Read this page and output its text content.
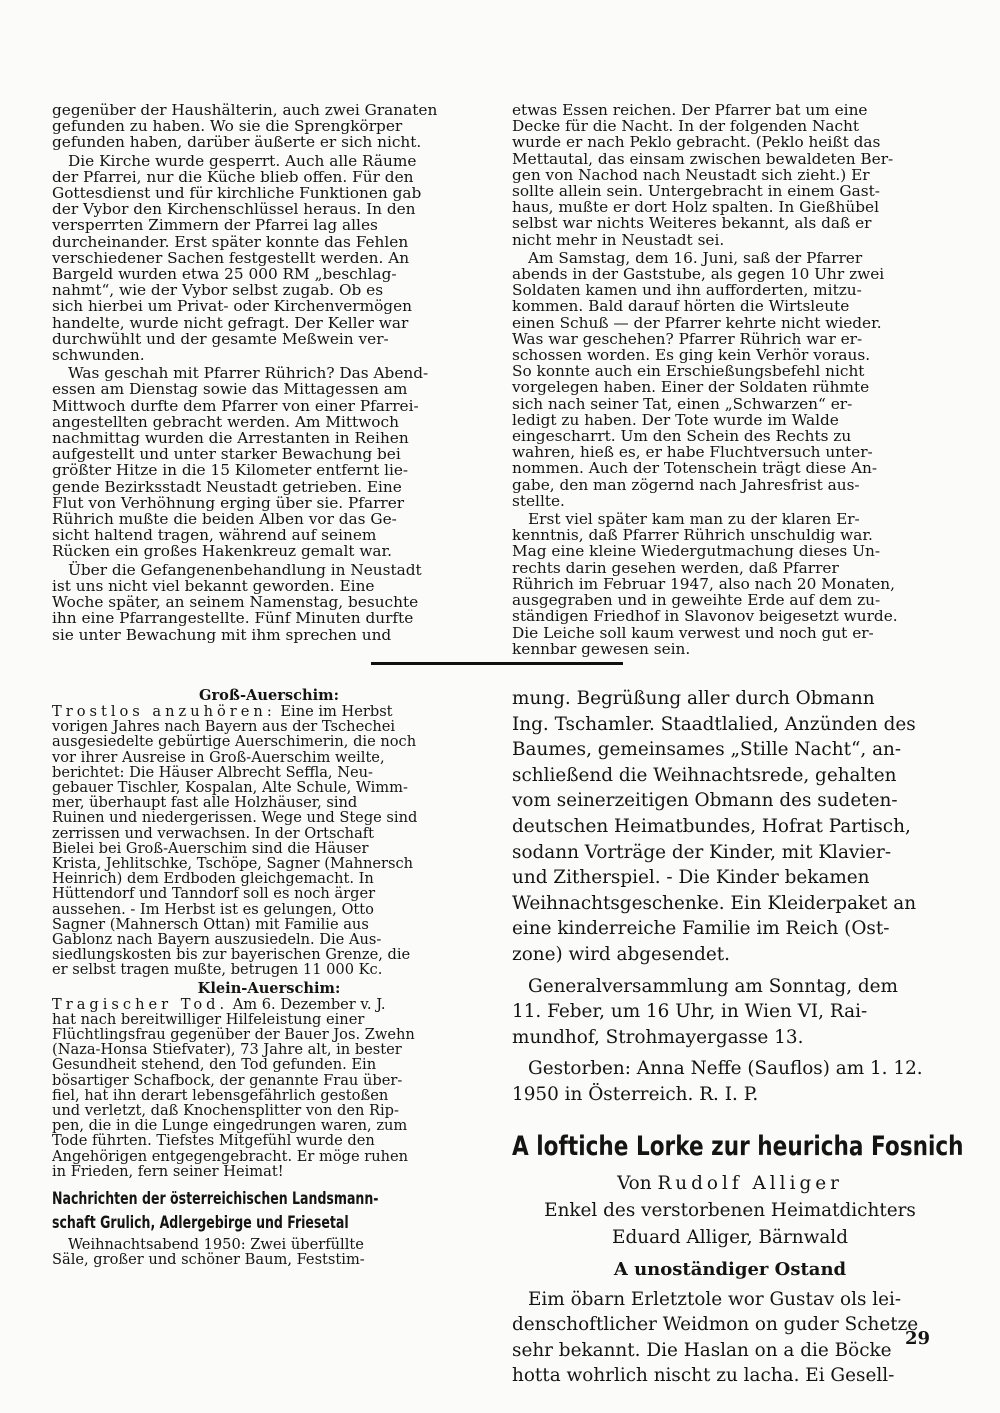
gegenüber der Haushälterin, auch zwei Granaten
gefunden zu haben. Wo sie die Sprengkörper
gefunden haben, darüber äußerte er sich nicht.

Die Kirche wurde gesperrt. Auch alle Räume
der Pfarrei, nur die Küche blieb offen. Für den
Gottesdienst und für kirchliche Funktionen gab
der Vybor den Kirchenschlüssel heraus. In den
versperrten Zimmern der Pfarrei lag alles
durcheinander. Erst später konnte das Fehlen
verschiedener Sachen festgestellt werden. An
Bargeld wurden etwa 25 000 RM „beschlag-
nahmt“, wie der Vybor selbst zugab. Ob es
sich hierbei um Privat- oder Kirchenvermögen
handelte, wurde nicht gefragt. Der Keller war
durchwühlt und der gesamte Meßwein ver-
schwunden.

Was geschah mit Pfarrer Rührich? Das Abend-
essen am Dienstag sowie das Mittagessen am
Mittwoch durfte dem Pfarrer von einer Pfarrei-
angestellten gebracht werden. Am Mittwoch
nachmittag wurden die Arrestanten in Reihen
aufgestellt und unter starker Bewachung bei
größter Hitze in die 15 Kilometer entfernt lie-
gende Bezirksstadt Neustadt getrieben. Eine
Flut von Verhöhnung erging über sie. Pfarrer
Rührich mußte die beiden Alben vor das Ge-
sicht haltend tragen, während auf seinem
Rücken ein großes Hakenkreuz gemalt war.

Über die Gefangenenbehandlung in Neustadt
ist uns nicht viel bekannt geworden. Eine
Woche später, an seinem Namenstag, besuchte
ihn eine Pfarrangestellte. Fünf Minuten durfte
sie unter Bewachung mit ihm sprechen und

etwas Essen reichen. Der Pfarrer bat um eine
Decke für die Nacht. In der folgenden Nacht
wurde er nach Peklo gebracht. (Peklo heißt das
Mettautal, das einsam zwischen bewaldeten Ber-
gen von Nachod nach Neustadt sich zieht.) Er
sollte allein sein. Untergebracht in einem Gast-
haus, mußte er dort Holz spalten. In Gießhübel
selbst war nichts Weiteres bekannt, als daß er
nicht mehr in Neustadt sei.

Am Samstag, dem 16. Juni, saß der Pfarrer
abends in der Gaststube, als gegen 10 Uhr zwei
Soldaten kamen und ihn aufforderten, mitzu-
kommen. Bald darauf hörten die Wirtsleute
einen Schuß — der Pfarrer kehrte nicht wieder.
Was war geschehen? Pfarrer Rührich war er-
schossen worden. Es ging kein Verhör voraus.
So konnte auch ein Erschießungsbefehl nicht
vorgelegen haben. Einer der Soldaten rühmte
sich nach seiner Tat, einen „Schwarzen“ er-
ledigt zu haben. Der Tote wurde im Walde
eingescharrt. Um den Schein des Rechts zu
wahren, hieß es, er habe Fluchtversuch unter-
nommen. Auch der Totenschein trägt diese An-
gabe, den man zögernd nach Jahresfrist aus-
stellte.

Erst viel später kam man zu der klaren Er-
kenntnis, daß Pfarrer Rührich unschuldig war.
Mag eine kleine Wiedergutmachung dieses Un-
rechts darin gesehen werden, daß Pfarrer
Rührich im Februar 1947, also nach 20 Monaten,
ausgegraben und in geweihte Erde auf dem zu-
ständigen Friedhof in Slavonov beigesetzt wurde.
Die Leiche soll kaum verwest und noch gut er-
kennbar gewesen sein.

Groß-Auerschim:

Trostlos anzuhören: Eine im Herbst
vorigen Jahres nach Bayern aus der Tschechei
ausgesiedelte gebürtige Auerschimerin, die noch
vor ihrer Ausreise in Groß-Auerschim weilte,
berichtet: Die Häuser Albrecht Seffla, Neu-
gebauer Tischler, Kospalan, Alte Schule, Wimm-
mer, überhaupt fast alle Holzhäuser, sind
Ruinen und niedergerissen. Wege und Stege sind
zerrissen und verwachsen. In der Ortschaft
Bielei bei Groß-Auerschim sind die Häuser
Krista, Jehlitschke, Tschöpe, Sagner (Mahnersch
Heinrich) dem Erdboden gleichgemacht. In
Hüttendorf und Tanndorf soll es noch ärger
aussehen. - Im Herbst ist es gelungen, Otto
Sagner (Mahnersch Ottan) mit Familie aus
Gablonz nach Bayern auszusiedeln. Die Aus-
siedlungskosten bis zur bayerischen Grenze, die
er selbst tragen mußte, betrugen 11 000 Kc.

Klein-Auerschim:

Tragischer Tod. Am 6. Dezember v. J.
hat nach bereitwilliger Hilfeleistung einer
Flüchtlingsfrau gegenüber der Bauer Jos. Zwehn
(Naza-Honsa Stiefvater), 73 Jahre alt, in bester
Gesundheit stehend, den Tod gefunden. Ein
bösartiger Schafbock, der genannte Frau über-
fiel, hat ihn derart lebensgefährlich gestoßen
und verletzt, daß Knochensplitter von den Rip-
pen, die in die Lunge eingedrungen waren, zum
Tode führten. Tiefstes Mitgefühl wurde den
Angehörigen entgegengebracht. Er möge ruhen
in Frieden, fern seiner Heimat!

Nachrichten der österreichischen Landsmann-
schaft Grulich, Adlergebirge und Friesetal

Weihnachtsabend 1950: Zwei überfüllte
Säle, großer und schöner Baum, Feststim-

mung. Begrüßung aller durch Obmann
Ing. Tschamler. Staadtlalied, Anzünden des
Baumes, gemeinsames „Stille Nacht“, an-
schließend die Weihnachtsrede, gehalten
vom seinerzeitigen Obmann des sudeten-
deutschen Heimatbundes, Hofrat Partisch,
sodann Vorträge der Kinder, mit Klavier-
und Zitherspiel. - Die Kinder bekamen
Weihnachtsgeschenke. Ein Kleiderpaket an
eine kinderreiche Familie im Reich (Ost-
zone) wird abgesendet.

Generalversammlung am Sonntag, dem
11. Feber, um 16 Uhr, in Wien VI, Rai-
mundhof, Strohmayergasse 13.

Gestorben: Anna Neffe (Sauflos) am 1. 12.
1950 in Österreich. R. I. P.

A loftiche Lorke zur heuricha Fosnich

Von Rudolf Alliger

Enkel des verstorbenen Heimatdichters

Eduard Alliger, Bärnwald

A unoständiger Ostand

Eim öbarn Erletztole wor Gustav ols lei-
denschoftlicher Weidmon on guder Schetze
sehr bekannt. Die Haslan on a die Böcke
hotta wohrlich nischt zu lacha. Ei Gesell-

29
